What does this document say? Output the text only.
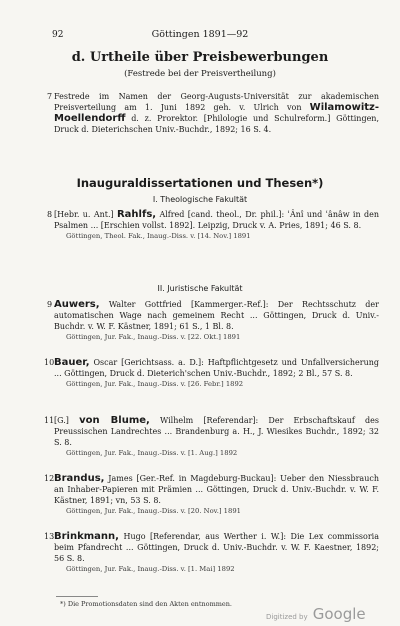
92	Göttingen 1891—92
d. Urtheile über Preisbewerbungen
(Festrede bei der Preisvertheilung)
7 Festrede im Namen der Georg-Augusts-Universität zur akademischen Preisverteilung am 1. Juni 1892 geh. v. Ulrich von Wilamowitz-Moellendorff d. z. Prorektor. [Philologie und Schulreform.] Göttingen, Druck d. Dieterichschen Univ.-Buchdr., 1892; 16 S. 4.
Inauguraldissertationen und Thesen*)
I. Theologische Fakultät
8 [Hebr. u. Ant.] Rahlfs, Alfred [cand. theol., Dr. phil.]: ʿÂnî und ʿânâw in den Psalmen ... [Erschien vollst. 1892]. Leipzig, Druck v. A. Pries, 1891; 46 S. 8.
Göttingen, Theol. Fak., Inaug.-Diss. v. [14. Nov.] 1891
II. Juristische Fakultät
9 Auwers, Walter Gottfried [Kammerger.-Ref.]: Der Rechtsschutz der automatischen Wage nach gemeinem Recht ... Göttingen, Druck d. Univ.-Buchdr. v. W. F. Kästner, 1891; 61 S., 1 Bl. 8.
Göttingen, Jur. Fak., Inaug.-Diss. v. [22. Okt.] 1891
10 Bauer, Oscar [Gerichtsass. a. D.]: Haftpflichtgesetz und Unfallversicherung ... Göttingen, Druck d. Dieterich'schen Univ.-Buchdr., 1892; 2 Bl., 57 S. 8.
Göttingen, Jur. Fak., Inaug.-Diss. v. [26. Febr.] 1892
11 [G.] von Blume, Wilhelm [Referendar]: Der Erbschaftskauf des Preussischen Landrechtes ... Brandenburg a. H., J. Wiesikes Buchdr., 1892; 32 S. 8.
Göttingen, Jur. Fak., Inaug.-Diss. v. [1. Aug.] 1892
12 Brandus, James [Ger.-Ref. in Magdeburg-Buckau]: Ueber den Niessbrauch an Inhaber-Papieren mit Prämien ... Göttingen, Druck d. Univ.-Buchdr. v. W. F. Kästner, 1891; vn, 53 S. 8.
Göttingen, Jur. Fak., Inaug.-Diss. v. [20. Nov.] 1891
13 Brinkmann, Hugo [Referendar, aus Werther i. W.]: Die Lex commissoria beim Pfandrecht ... Göttingen, Druck d. Univ.-Buchdr. v. W. F. Kaestner, 1892; 56 S. 8.
Göttingen, Jur. Fak., Inaug.-Diss. v. [1. Mai] 1892
*) Die Promotionsdaten sind den Akten entnommen.
Digitized by Google
